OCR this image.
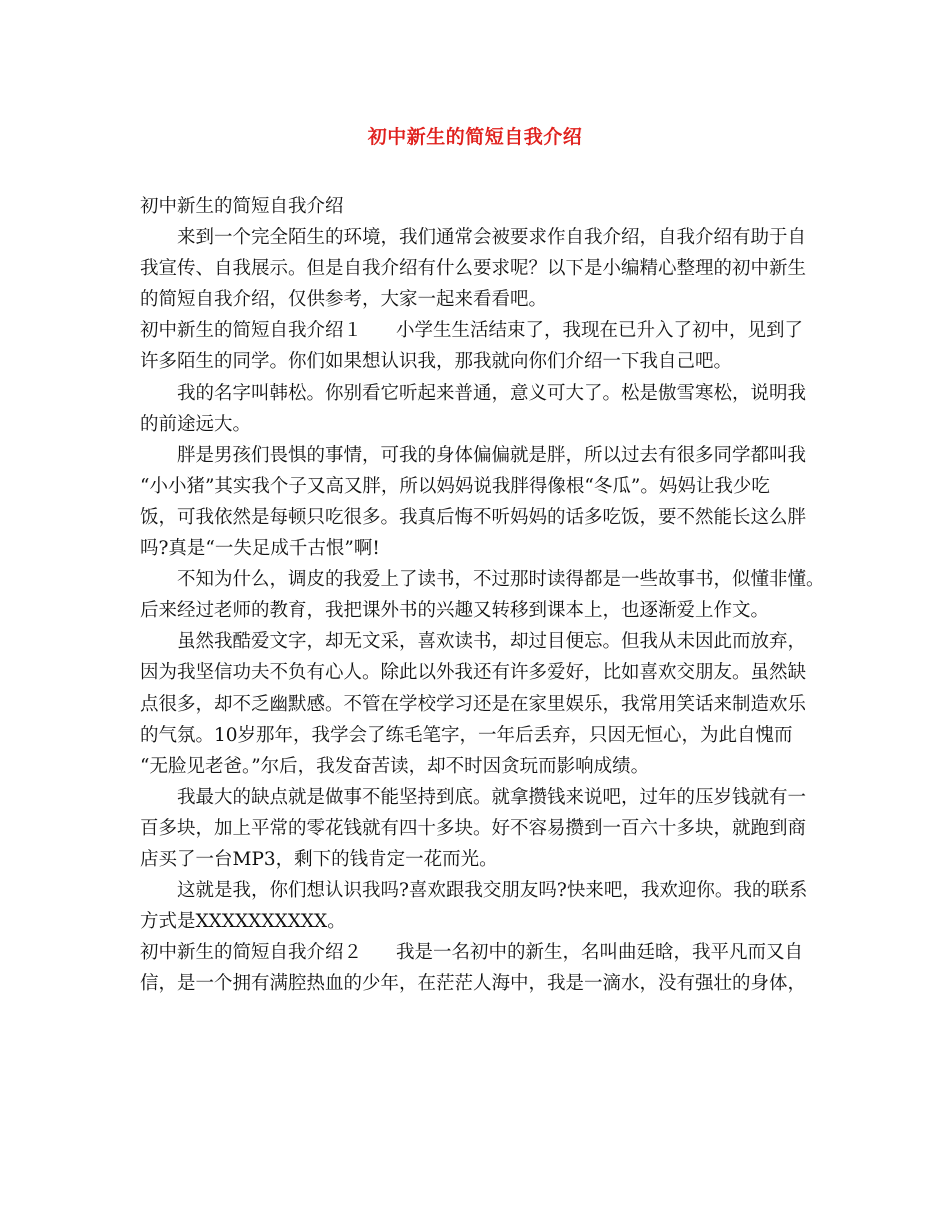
初中新生的简短自我介绍
初中新生的简短自我介绍
来到一个完全陌生的环境，我们通常会被要求作自我介绍，自我介绍有助于自
我宣传、自我展示。但是自我介绍有什么要求呢？以下是小编精心整理的初中新生
的简短自我介绍，仅供参考，大家一起来看看吧。
初中新生的简短自我介绍１ 小学生生活结束了，我现在已升入了初中，见到了
许多陌生的同学。你们如果想认识我，那我就向你们介绍一下我自己吧。
我的名字叫韩松。你别看它听起来普通，意义可大了。松是傲雪寒松，说明我
的前途远大。
胖是男孩们畏惧的事情，可我的身体偏偏就是胖，所以过去有很多同学都叫我
“小小猪”其实我个子又高又胖，所以妈妈说我胖得像根“冬瓜”。妈妈让我少吃
饭，可我依然是每顿只吃很多。我真后悔不听妈妈的话多吃饭，要不然能长这么胖
吗?真是“一失足成千古恨”啊!
不知为什么，调皮的我爱上了读书，不过那时读得都是一些故事书，似懂非懂。
后来经过老师的教育，我把课外书的兴趣又转移到课本上，也逐渐爱上作文。
虽然我酷爱文字，却无文采，喜欢读书，却过目便忘。但我从未因此而放弃，
因为我坚信功夫不负有心人。除此以外我还有许多爱好，比如喜欢交朋友。虽然缺
点很多，却不乏幽默感。不管在学校学习还是在家里娱乐，我常用笑话来制造欢乐
的气氛。10岁那年，我学会了练毛笔字，一年后丢弃，只因无恒心，为此自愧而
“无脸见老爸。”尔后，我发奋苦读，却不时因贪玩而影响成绩。
我最大的缺点就是做事不能坚持到底。就拿攒钱来说吧，过年的压岁钱就有一
百多块，加上平常的零花钱就有四十多块。好不容易攒到一百六十多块，就跑到商
店买了一台MP3，剩下的钱肯定一花而光。
这就是我，你们想认识我吗?喜欢跟我交朋友吗?快来吧，我欢迎你。我的联系
方式是XXXXXXXXXX。
初中新生的简短自我介绍２ 我是一名初中的新生，名叫曲廷晗，我平凡而又自
信，是一个拥有满腔热血的少年，在茫茫人海中，我是一滴水，没有强壮的身体，
